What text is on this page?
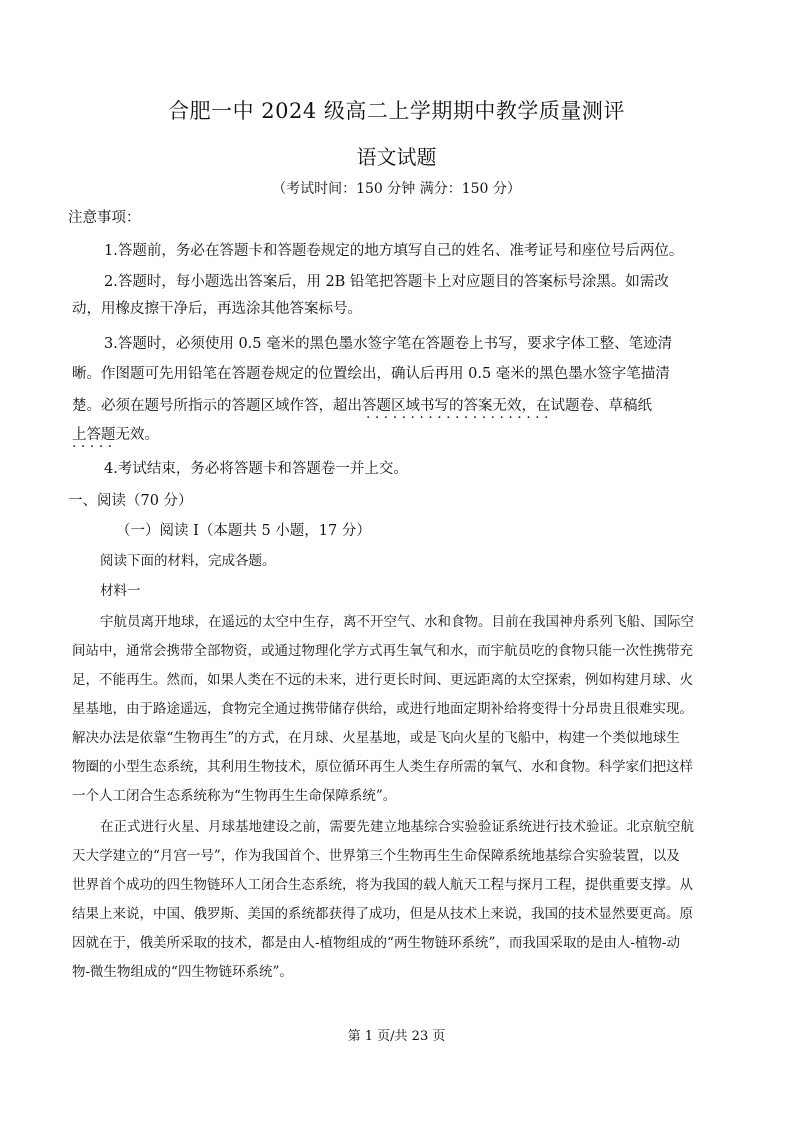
合肥一中 2024 级高二上学期期中教学质量测评
语文试题
（考试时间：150 分钟 满分：150 分）
注意事项：
1.答题前，务必在答题卡和答题卷规定的地方填写自己的姓名、准考证号和座位号后两位。
2.答题时，每小题选出答案后，用 2B 铅笔把答题卡上对应题目的答案标号涂黑。如需改
动，用橡皮擦干净后，再选涂其他答案标号。
3.答题时，必须使用 0.5 毫米的黑色墨水签字笔在答题卷上书写，要求字体工整、笔迹清
晰。作图题可先用铅笔在答题卷规定的位置绘出，确认后再用 0.5 毫米的黑色墨水签字笔描清
楚。必须在题号所指示的答题区域作答，超出答题区域书写的答案无效，在试题卷、草稿纸
· · · · · · · · · · · · · · · · · · · · ·
上答题无效。
· · · · ·
4.考试结束，务必将答题卡和答题卷一并上交。
一、阅读（70 分）
（一）阅读 I（本题共 5 小题，17 分）
阅读下面的材料，完成各题。
材料一
宇航员离开地球，在遥远的太空中生存，离不开空气、水和食物。目前在我国神舟系列飞船、国际空
间站中，通常会携带全部物资，或通过物理化学方式再生氧气和水，而宇航员吃的食物只能一次性携带充
足，不能再生。然而，如果人类在不远的未来，进行更长时间、更远距离的太空探索，例如构建月球、火
星基地，由于路途遥远，食物完全通过携带储存供给，或进行地面定期补给将变得十分昂贵且很难实现。
解决办法是依靠“生物再生”的方式，在月球、火星基地，或是飞向火星的飞船中，构建一个类似地球生
物圈的小型生态系统，其利用生物技术，原位循环再生人类生存所需的氧气、水和食物。科学家们把这样
一个人工闭合生态系统称为“生物再生生命保障系统”。
在正式进行火星、月球基地建设之前，需要先建立地基综合实验验证系统进行技术验证。北京航空航
天大学建立的“月宫一号”，作为我国首个、世界第三个生物再生生命保障系统地基综合实验装置，以及
世界首个成功的四生物链环人工闭合生态系统，将为我国的载人航天工程与探月工程，提供重要支撑。从
结果上来说，中国、俄罗斯、美国的系统都获得了成功，但是从技术上来说，我国的技术显然要更高。原
因就在于，俄美所采取的技术，都是由人-植物组成的“两生物链环系统”，而我国采取的是由人-植物-动
物-微生物组成的“四生物链环系统”。
第 1 页/共 23 页
